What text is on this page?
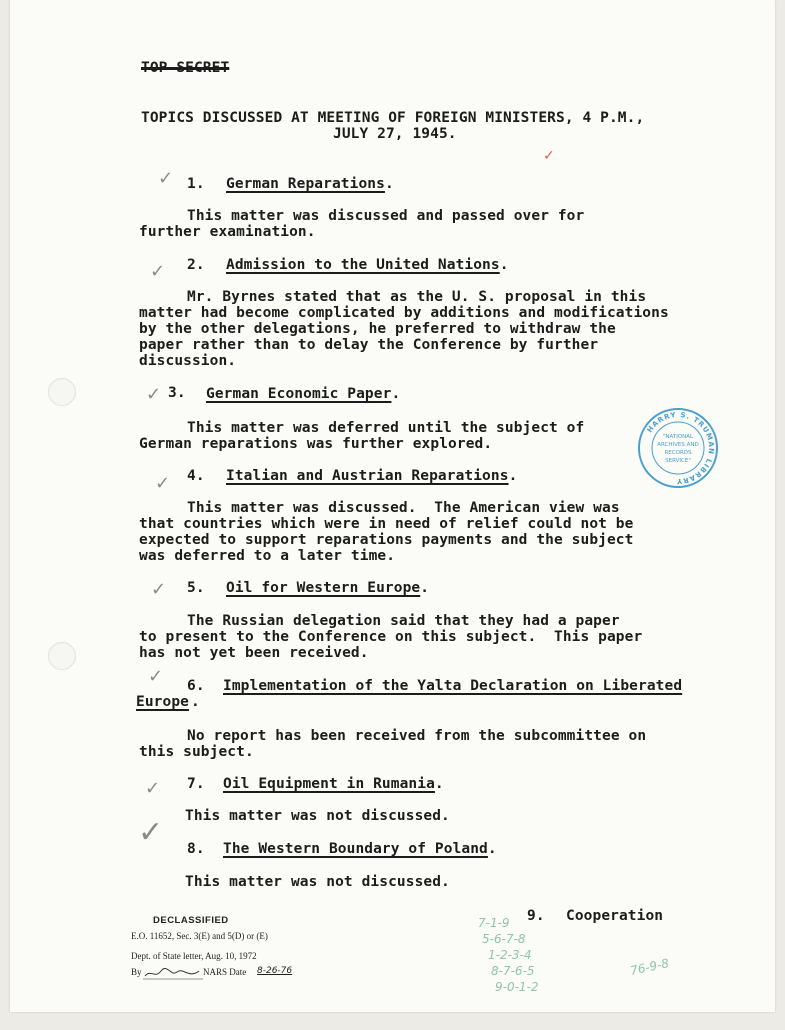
TOP SECRET
TOPICS DISCUSSED AT MEETING OF FOREIGN MINISTERS, 4 P.M.,
JULY 27, 1945.
✓
✓
✓
✓
✓
✓
✓
✓
✓
1. German Reparations.
This matter was discussed and passed over for
further examination.
2. Admission to the United Nations.
Mr. Byrnes stated that as the U. S. proposal in this
matter had become complicated by additions and modifications
by the other delegations, he preferred to withdraw the
paper rather than to delay the Conference by further
discussion.
3. German Economic Paper.
This matter was deferred until the subject of
German reparations was further explored.
4. Italian and Austrian Reparations.
This matter was discussed.  The American view was
that countries which were in need of relief could not be
expected to support reparations payments and the subject
was deferred to a later time.
5. Oil for Western Europe.
The Russian delegation said that they had a paper
to present to the Conference on this subject.  This paper
has not yet been received.
6. Implementation of the Yalta Declaration on Liberated
Europe .
No report has been received from the subcommittee on
this subject.
7. Oil Equipment in Rumania.
This matter was not discussed.
8. The Western Boundary of Poland.
This matter was not discussed.
9. Cooperation
DECLASSIFIED
E.O. 11652, Sec. 3(E) and 5(D) or (E)
Dept. of State letter, Aug. 10, 1972
By	NARS Date 8-26-76
HARRY S. TRUMAN LIBRARY
"NATIONAL
ARCHIVES AND
RECORDS
SERVICE"
7-1-9
5-6-7-8
1-2-3-4
8-7-6-5
9-0-1-2
76-9-8
